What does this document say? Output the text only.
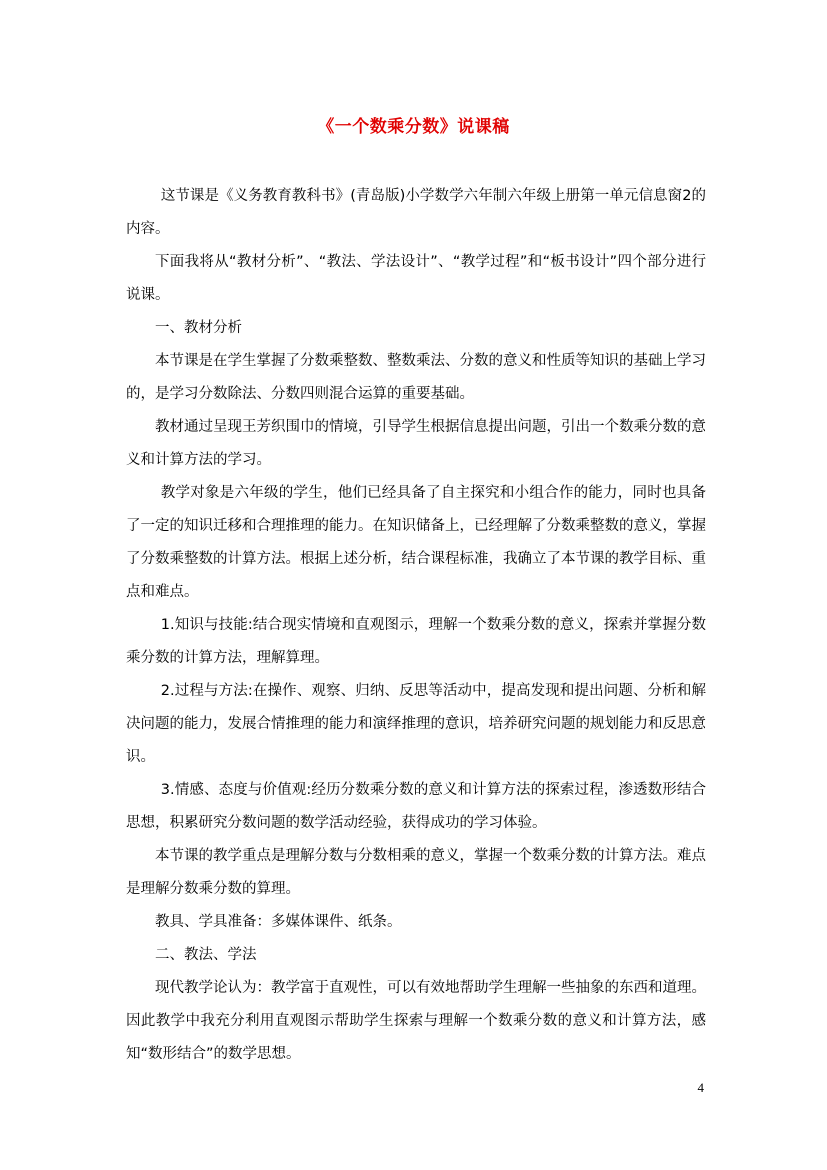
《一个数乘分数》说课稿

这节课是《义务教育教科书》(青岛版)小学数学六年制六年级上册第一单元信息窗2的内容。

下面我将从“教材分析”、“教法、学法设计”、“教学过程”和“板书设计”四个部分进行说课。

一、教材分析

本节课是在学生掌握了分数乘整数、整数乘法、分数的意义和性质等知识的基础上学习的，是学习分数除法、分数四则混合运算的重要基础。

教材通过呈现王芳织围巾的情境，引导学生根据信息提出问题，引出一个数乘分数的意义和计算方法的学习。

教学对象是六年级的学生，他们已经具备了自主探究和小组合作的能力，同时也具备了一定的知识迁移和合理推理的能力。在知识储备上，已经理解了分数乘整数的意义，掌握了分数乘整数的计算方法。根据上述分析，结合课程标准，我确立了本节课的教学目标、重点和难点。

1.知识与技能:结合现实情境和直观图示，理解一个数乘分数的意义，探索并掌握分数乘分数的计算方法，理解算理。

2.过程与方法:在操作、观察、归纳、反思等活动中，提高发现和提出问题、分析和解决问题的能力，发展合情推理的能力和演绎推理的意识，培养研究问题的规划能力和反思意识。

3.情感、态度与价值观:经历分数乘分数的意义和计算方法的探索过程，渗透数形结合思想，积累研究分数问题的数学活动经验，获得成功的学习体验。

本节课的教学重点是理解分数与分数相乘的意义，掌握一个数乘分数的计算方法。难点是理解分数乘分数的算理。

教具、学具准备：多媒体课件、纸条。

二、教法、学法

现代教学论认为：教学富于直观性，可以有效地帮助学生理解一些抽象的东西和道理。因此教学中我充分利用直观图示帮助学生探索与理解一个数乘分数的意义和计算方法，感知“数形结合”的数学思想。

4
